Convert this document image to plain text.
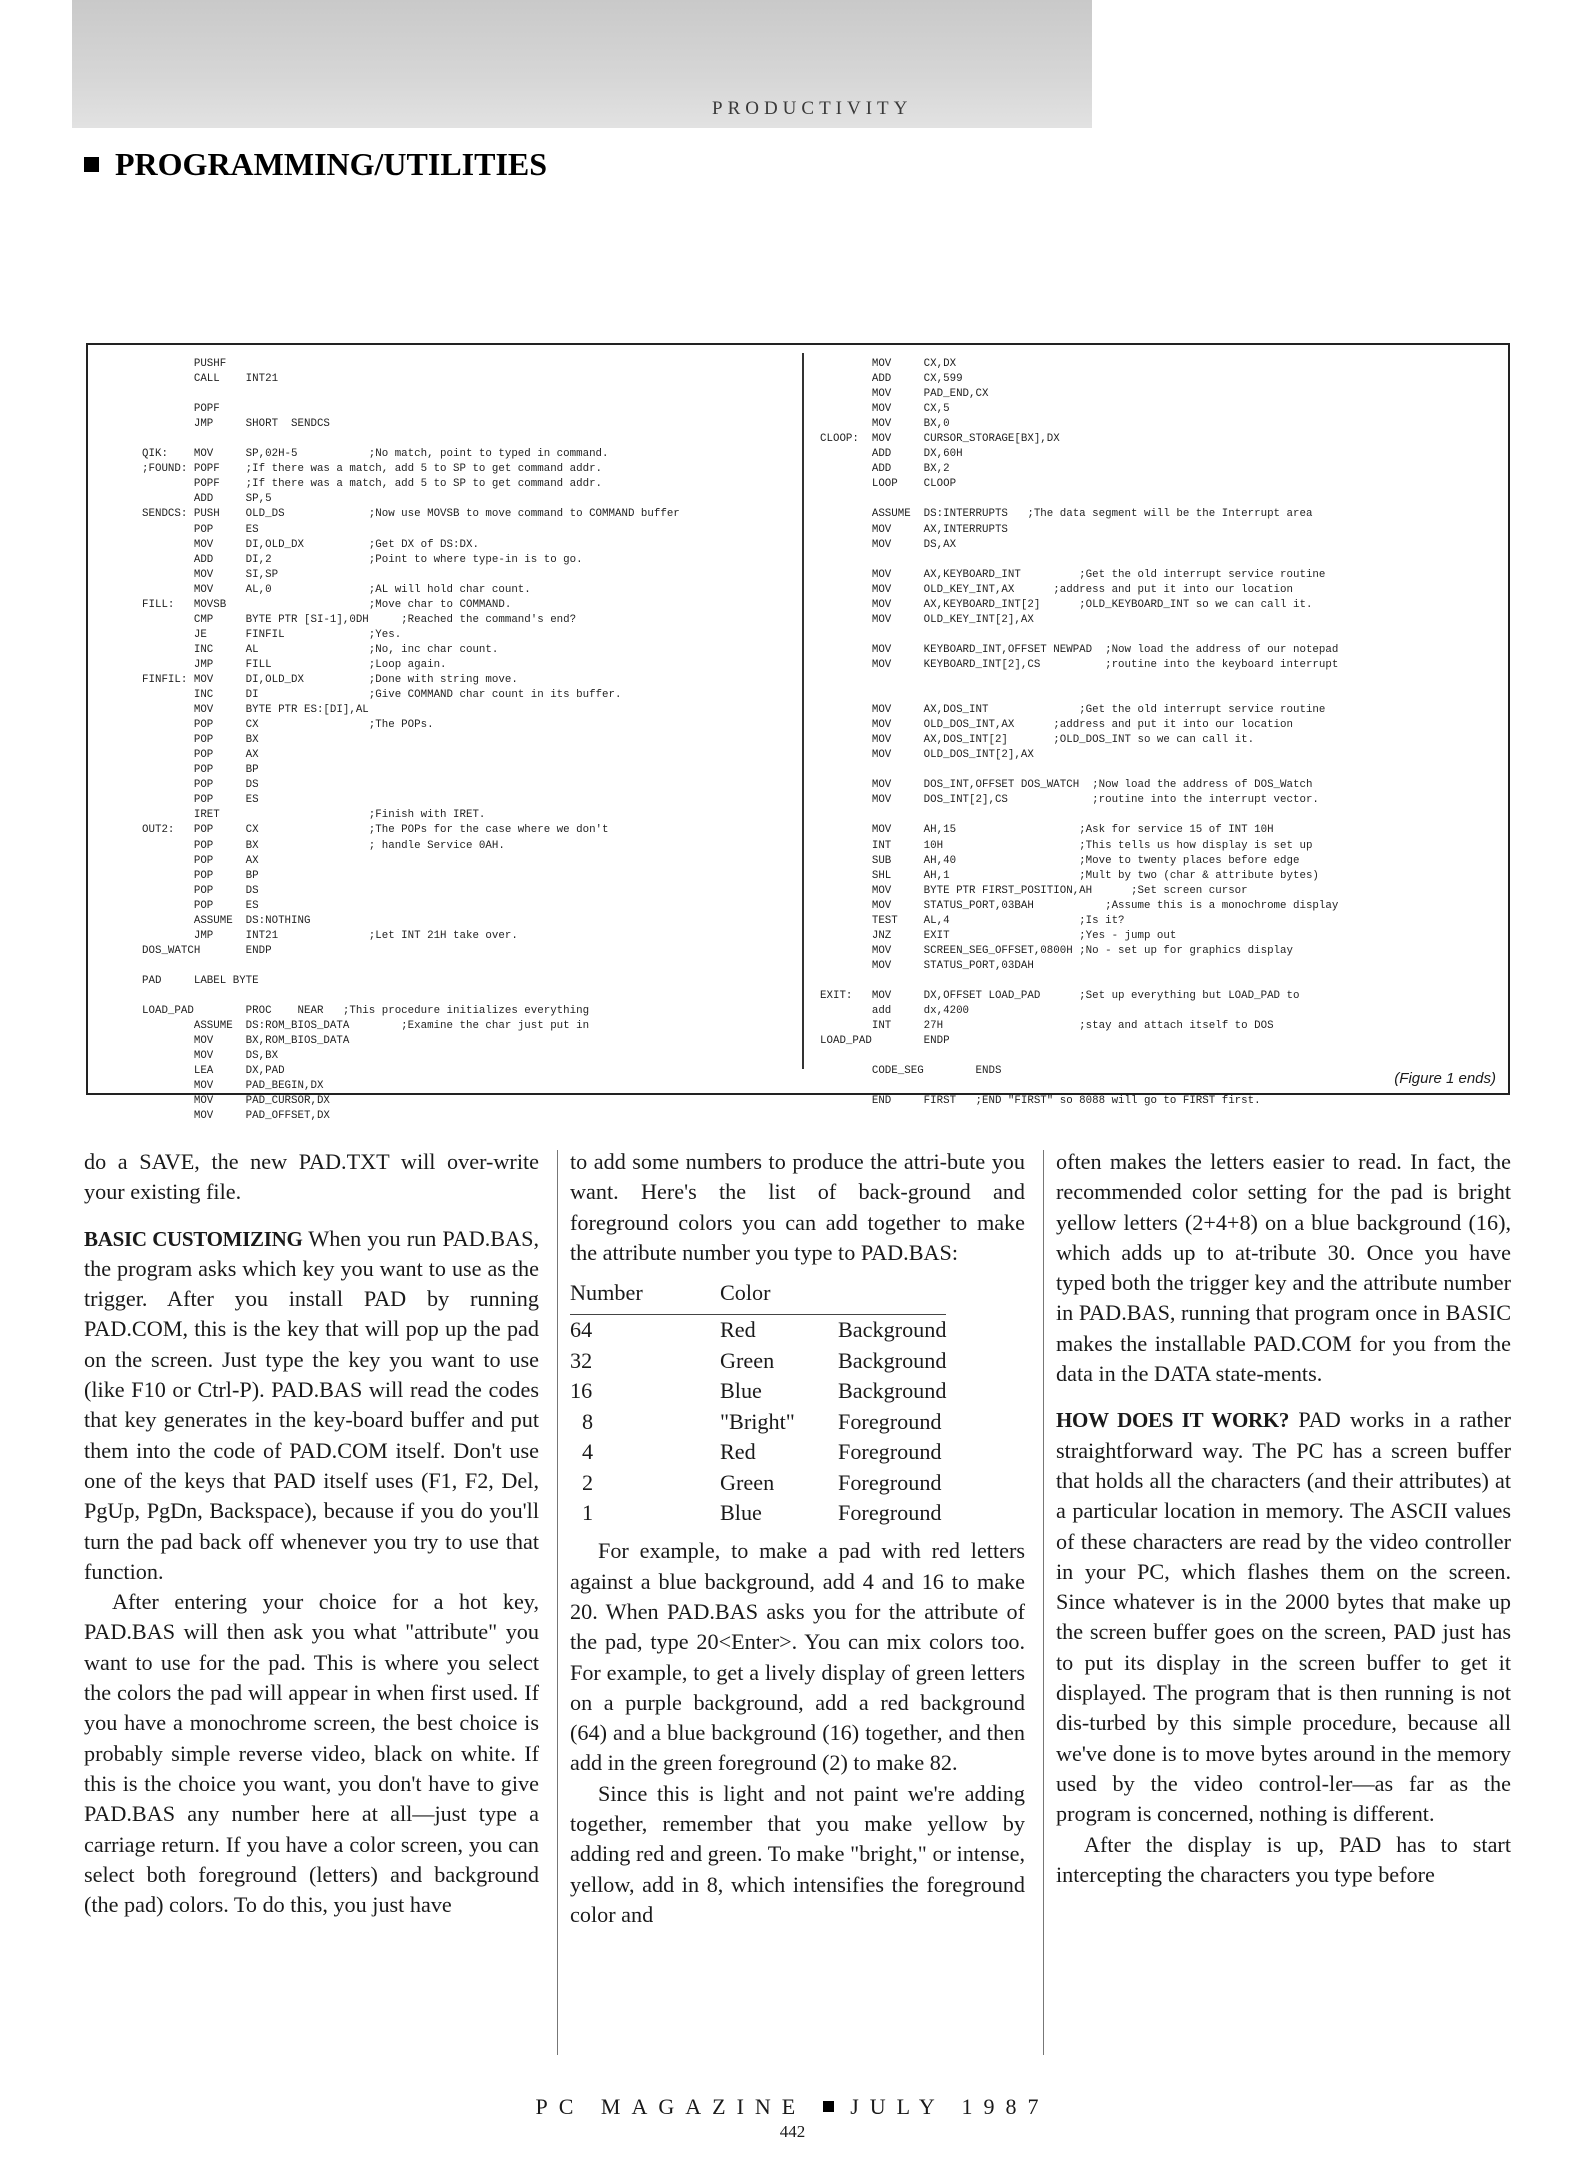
PRODUCTIVITY
PROGRAMMING/UTILITIES
PUSHF
CALL    INT21

POPF
JMP     SHORT  SENDCS

QIK:    MOV     SP,02H-5           ;No match, point to typed in command.
;FOUND: POPF    ;If there was a match, add 5 to SP to get command addr.
POPF    ;If there was a match, add 5 to SP to get command addr.
ADD     SP,5
SENDCS: PUSH    OLD_DS             ;Now use MOVSB to move command to COMMAND buffer
POP     ES
MOV     DI,OLD_DX          ;Get DX of DS:DX.
ADD     DI,2               ;Point to where type-in is to go.
MOV     SI,SP
MOV     AL,0               ;AL will hold char count.
FILL:   MOVSB                      ;Move char to COMMAND.
CMP     BYTE PTR [SI-1],0DH     ;Reached the command's end?
JE      FINFIL             ;Yes.
INC     AL                 ;No, inc char count.
JMP     FILL               ;Loop again.
FINFIL: MOV     DI,OLD_DX          ;Done with string move.
INC     DI                 ;Give COMMAND char count in its buffer.
MOV     BYTE PTR ES:[DI],AL
POP     CX                 ;The POPs.
POP     BX
POP     AX
POP     BP
POP     DS
POP     ES
IRET                       ;Finish with IRET.
OUT2:   POP     CX                 ;The POPs for the case where we don't
POP     BX                 ; handle Service 0AH.
POP     AX
POP     BP
POP     DS
POP     ES
ASSUME  DS:NOTHING
JMP     INT21              ;Let INT 21H take over.
DOS_WATCH       ENDP

PAD     LABEL BYTE

LOAD_PAD        PROC    NEAR   ;This procedure initializes everything
ASSUME  DS:ROM_BIOS_DATA        ;Examine the char just put in
MOV     BX,ROM_BIOS_DATA
MOV     DS,BX
LEA     DX,PAD
MOV     PAD_BEGIN,DX
MOV     PAD_CURSOR,DX
MOV     PAD_OFFSET,DX
MOV     CX,DX
ADD     CX,599
MOV     PAD_END,CX
MOV     CX,5
MOV     BX,0
CLOOP:  MOV     CURSOR_STORAGE[BX],DX
ADD     DX,60H
ADD     BX,2
LOOP    CLOOP

ASSUME  DS:INTERRUPTS   ;The data segment will be the Interrupt area
MOV     AX,INTERRUPTS
MOV     DS,AX

MOV     AX,KEYBOARD_INT         ;Get the old interrupt service routine
MOV     OLD_KEY_INT,AX      ;address and put it into our location
MOV     AX,KEYBOARD_INT[2]      ;OLD_KEYBOARD_INT so we can call it.
MOV     OLD_KEY_INT[2],AX

MOV     KEYBOARD_INT,OFFSET NEWPAD  ;Now load the address of our notepad
MOV     KEYBOARD_INT[2],CS          ;routine into the keyboard interrupt

MOV     AX,DOS_INT              ;Get the old interrupt service routine
MOV     OLD_DOS_INT,AX      ;address and put it into our location
MOV     AX,DOS_INT[2]       ;OLD_DOS_INT so we can call it.
MOV     OLD_DOS_INT[2],AX

MOV     DOS_INT,OFFSET DOS_WATCH  ;Now load the address of DOS_Watch
MOV     DOS_INT[2],CS             ;routine into the interrupt vector.

MOV     AH,15                   ;Ask for service 15 of INT 10H
INT     10H                     ;This tells us how display is set up
SUB     AH,40                   ;Move to twenty places before edge
SHL     AH,1                    ;Mult by two (char & attribute bytes)
MOV     BYTE PTR FIRST_POSITION,AH      ;Set screen cursor
MOV     STATUS_PORT,03BAH           ;Assume this is a monochrome display
TEST    AL,4                    ;Is it?
JNZ     EXIT                    ;Yes - jump out
MOV     SCREEN_SEG_OFFSET,0800H ;No - set up for graphics display
MOV     STATUS_PORT,03DAH

EXIT:   MOV     DX,OFFSET LOAD_PAD      ;Set up everything but LOAD_PAD to
add     dx,4200
INT     27H                     ;stay and attach itself to DOS
LOAD_PAD        ENDP

CODE_SEG        ENDS

END     FIRST   ;END "FIRST" so 8088 will go to FIRST first.
(Figure 1 ends)

do a SAVE, the new PAD.TXT will over-write your existing file.

BASIC CUSTOMIZING When you run PAD.BAS, the program asks which key you want to use as the trigger. After you install PAD by running PAD.COM, this is the key that will pop up the pad on the screen. Just type the key you want to use (like F10 or Ctrl-P). PAD.BAS will read the codes that key generates in the key-board buffer and put them into the code of PAD.COM itself. Don't use one of the keys that PAD itself uses (F1, F2, Del, PgUp, PgDn, Backspace), because if you do you'll turn the pad back off whenever you try to use that function.

After entering your choice for a hot key, PAD.BAS will then ask you what "attribute" you want to use for the pad. This is where you select the colors the pad will appear in when first used. If you have a monochrome screen, the best choice is probably simple reverse video, black on white. If this is the choice you want, you don't have to give PAD.BAS any number here at all—just type a carriage return. If you have a color screen, you can select both foreground (letters) and background (the pad) colors. To do this, you just have

to add some numbers to produce the attri-bute you want. Here's the list of back-ground and foreground colors you can add together to make the attribute number you type to PAD.BAS:

Number	Color	
64	Red	Background
32	Green	Background
16	Blue	Background
8	"Bright"	Foreground
4	Red	Foreground
2	Green	Foreground
1	Blue	Foreground

For example, to make a pad with red letters against a blue background, add 4 and 16 to make 20. When PAD.BAS asks you for the attribute of the pad, type 20<Enter>. You can mix colors too. For example, to get a lively display of green letters on a purple background, add a red background (64) and a blue background (16) together, and then add in the green foreground (2) to make 82.

Since this is light and not paint we're adding together, remember that you make yellow by adding red and green. To make "bright," or intense, yellow, add in 8, which intensifies the foreground color and

often makes the letters easier to read. In fact, the recommended color setting for the pad is bright yellow letters (2+4+8) on a blue background (16), which adds up to at-tribute 30. Once you have typed both the trigger key and the attribute number in PAD.BAS, running that program once in BASIC makes the installable PAD.COM for you from the data in the DATA state-ments.

HOW DOES IT WORK? PAD works in a rather straightforward way. The PC has a screen buffer that holds all the characters (and their attributes) at a particular location in memory. The ASCII values of these characters are read by the video controller in your PC, which flashes them on the screen. Since whatever is in the 2000 bytes that make up the screen buffer goes on the screen, PAD just has to put its display in the screen buffer to get it displayed. The program that is then running is not dis-turbed by this simple procedure, because all we've done is to move bytes around in the memory used by the video control-ler—as far as the program is concerned, nothing is different.

After the display is up, PAD has to start intercepting the characters you type before

PC MAGAZINE JULY 1987
442
